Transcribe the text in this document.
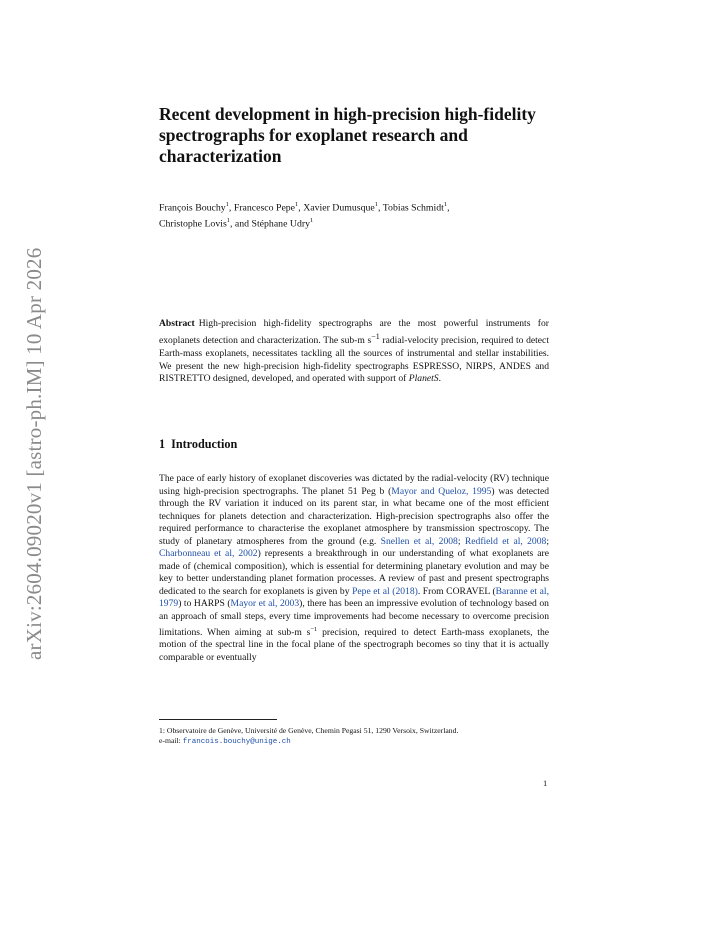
arXiv:2604.09020v1 [astro-ph.IM] 10 Apr 2026
Recent development in high-precision high-fidelity spectrographs for exoplanet research and characterization
François Bouchy$^1$, Francesco Pepe$^1$, Xavier Dumusque$^1$, Tobias Schmidt$^1$,
Christophe Lovis$^1$, and Stéphane Udry$^1$
Abstract High-precision high-fidelity spectrographs are the most powerful instruments for exoplanets detection and characterization. The sub-m $s^{-1}$ radial-velocity precision, required to detect Earth-mass exoplanets, necessitates tackling all the sources of instrumental and stellar instabilities. We present the new high-precision high-fidelity spectrographs ESPRESSO, NIRPS, ANDES and RISTRETTO designed, developed, and operated with support of PlanetS.
1 Introduction
The pace of early history of exoplanet discoveries was dictated by the radial-velocity (RV) technique using high-precision spectrographs. The planet 51 Peg b (Mayor and Queloz, 1995) was detected through the RV variation it induced on its parent star, in what became one of the most efficient techniques for planets detection and characterization. High-precision spectrographs also offer the required performance to characterise the exoplanet atmosphere by transmission spectroscopy. The study of planetary atmospheres from the ground (e.g. Snellen et al, 2008; Redfield et al, 2008; Charbonneau et al, 2002) represents a breakthrough in our understanding of what exoplanets are made of (chemical composition), which is essential for determining planetary evolution and may be key to better understanding planet formation processes. A review of past and present spectrographs dedicated to the search for exoplanets is given by Pepe et al (2018). From CORAVEL (Baranne et al, 1979) to HARPS (Mayor et al, 2003), there has been an impressive evolution of technology based on an approach of small steps, every time improvements had become necessary to overcome precision limitations. When aiming at sub-m $s^{-1}$ precision, required to detect Earth-mass exoplanets, the motion of the spectral line in the focal plane of the spectrograph becomes so tiny that it is actually comparable or eventually
1: Observatoire de Genève, Université de Genève, Chemin Pegasi 51, 1290 Versoix, Switzerland.
e-mail: francois.bouchy@unige.ch
1
